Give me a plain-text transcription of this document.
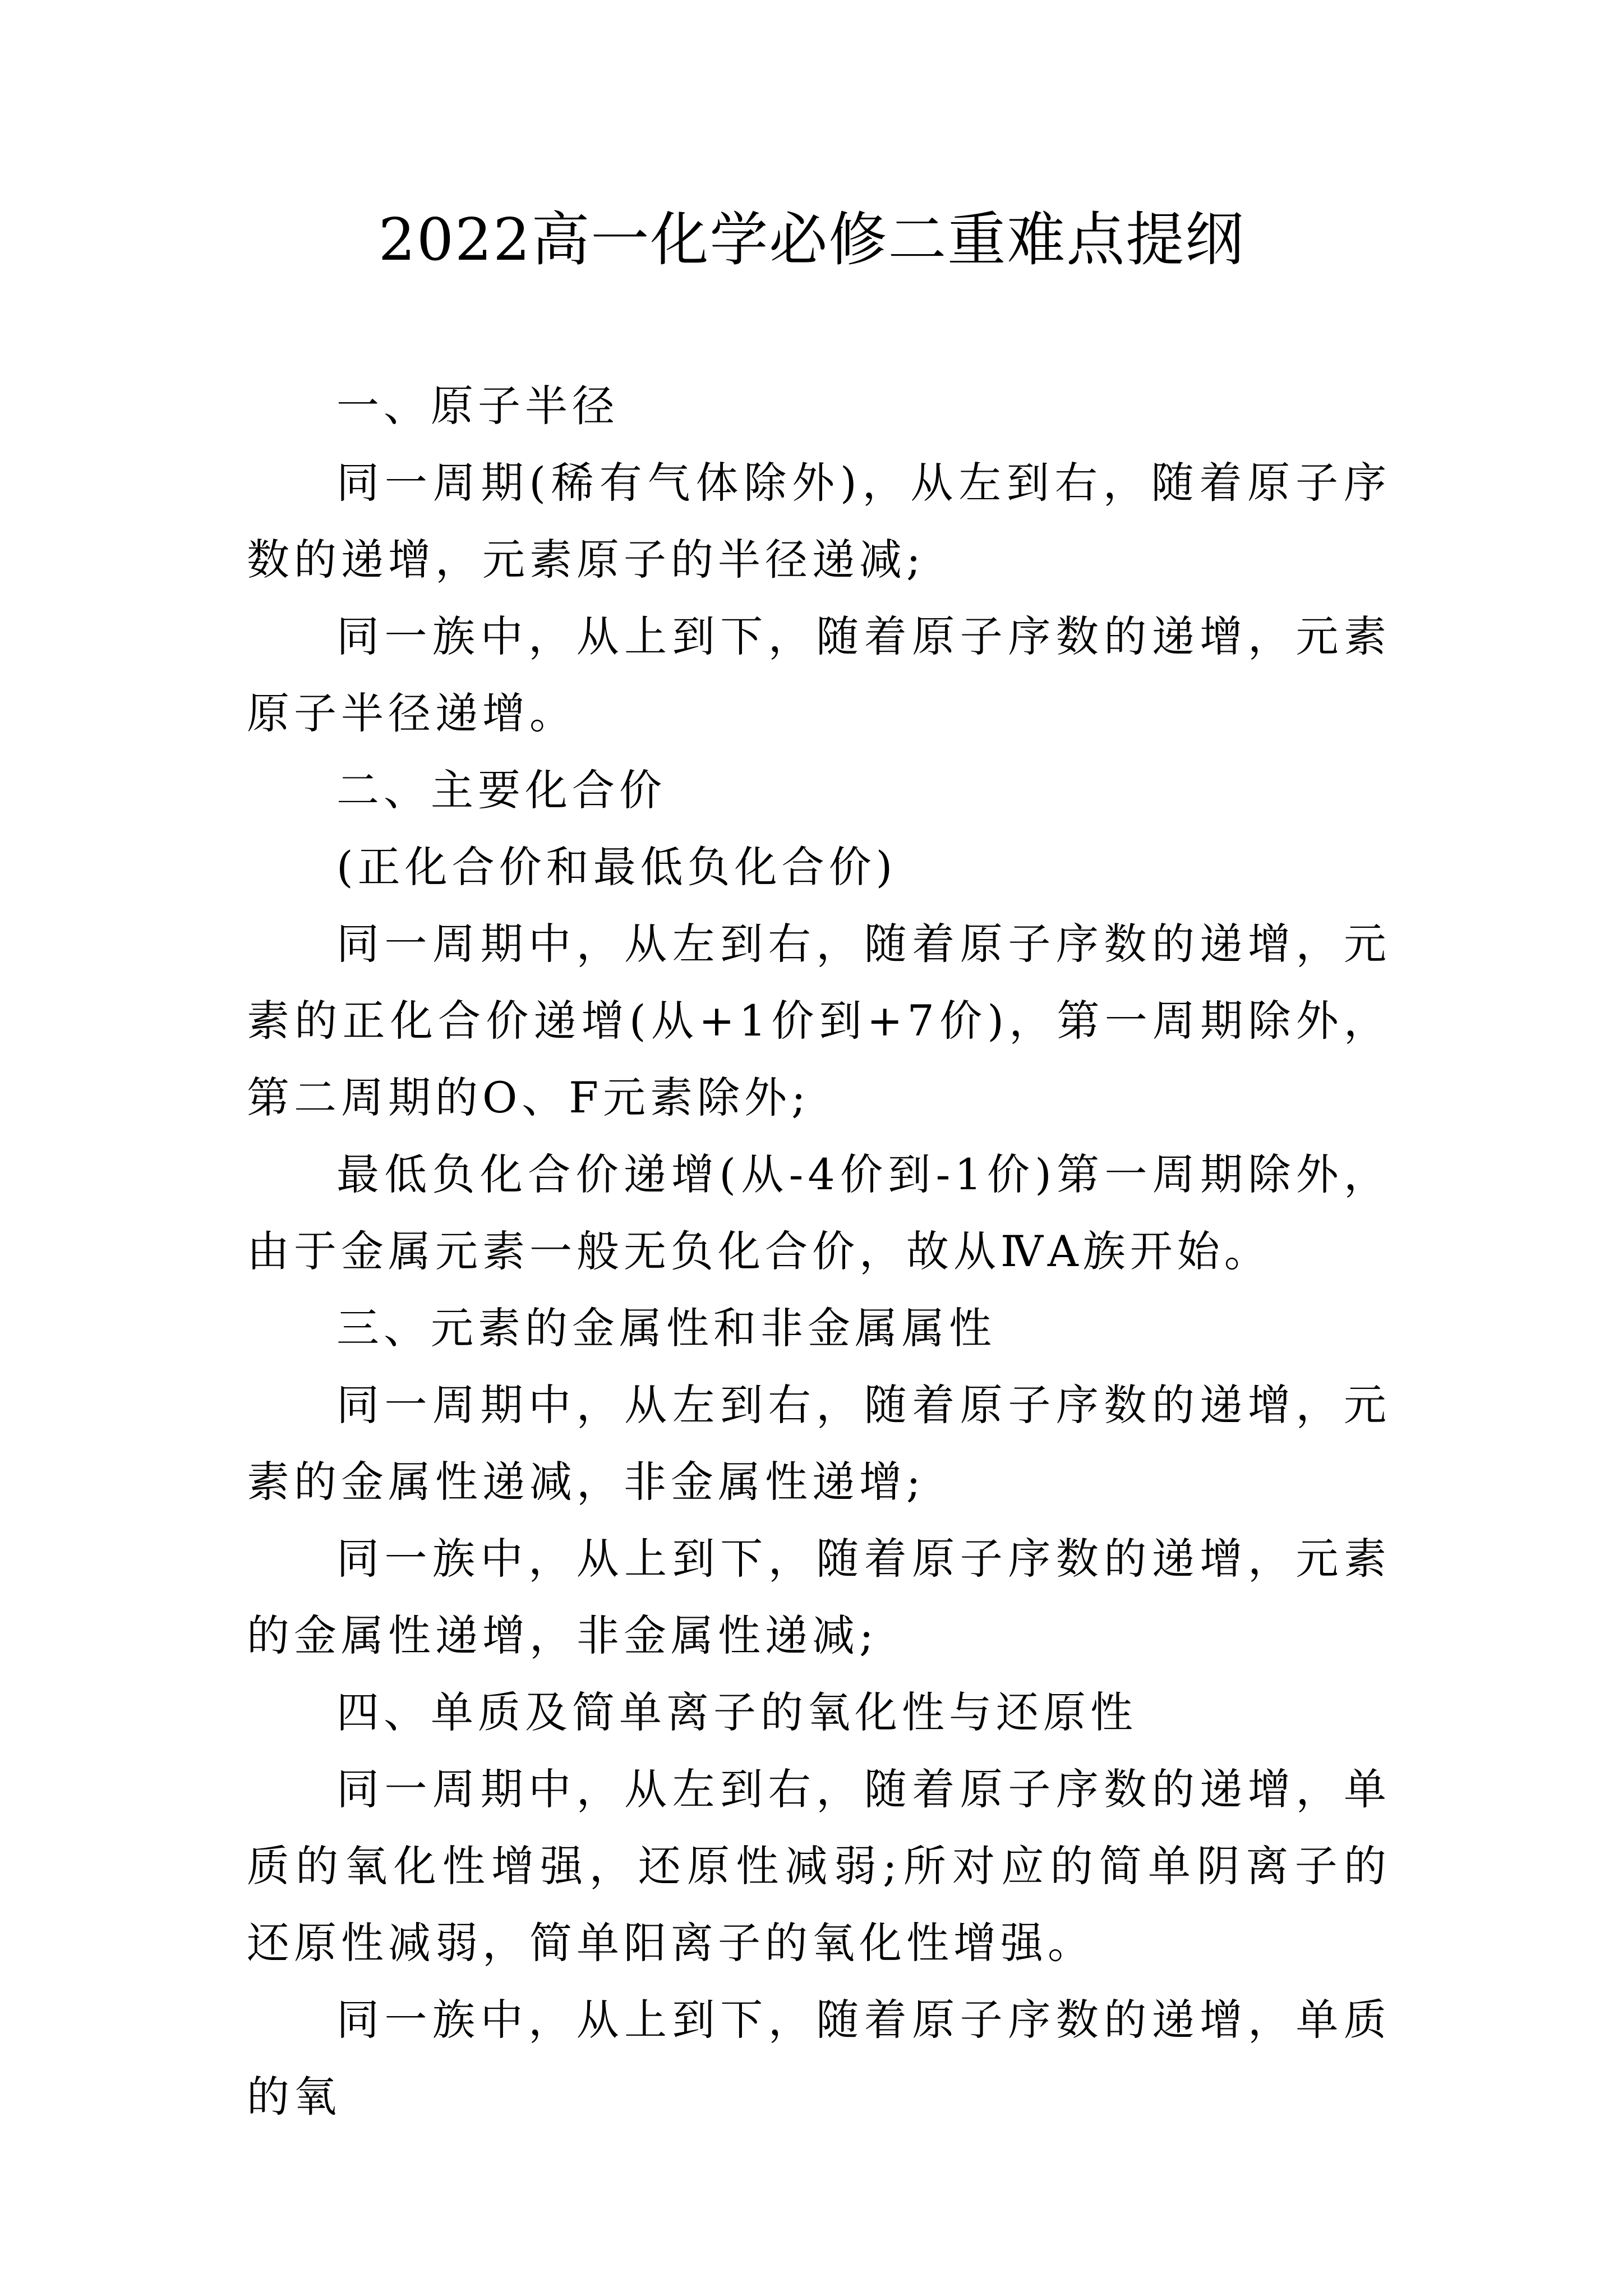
2022高一化学必修二重难点提纲

一、原子半径

同一周期(稀有气体除外)，从左到右，随着原子序数的递增，元素原子的半径递减;

同一族中，从上到下，随着原子序数的递增，元素原子半径递增。

二、主要化合价

(正化合价和最低负化合价)

同一周期中，从左到右，随着原子序数的递增，元素的正化合价递增(从+1价到+7价)，第一周期除外，第二周期的O、F元素除外;

最低负化合价递增(从-4价到-1价)第一周期除外，由于金属元素一般无负化合价，故从ⅣA族开始。

三、元素的金属性和非金属属性

同一周期中，从左到右，随着原子序数的递增，元素的金属性递减，非金属性递增;

同一族中，从上到下，随着原子序数的递增，元素的金属性递增，非金属性递减;

四、单质及简单离子的氧化性与还原性

同一周期中，从左到右，随着原子序数的递增，单质的氧化性增强，还原性减弱;所对应的简单阴离子的还原性减弱，简单阳离子的氧化性增强。

同一族中，从上到下，随着原子序数的递增，单质的氧
